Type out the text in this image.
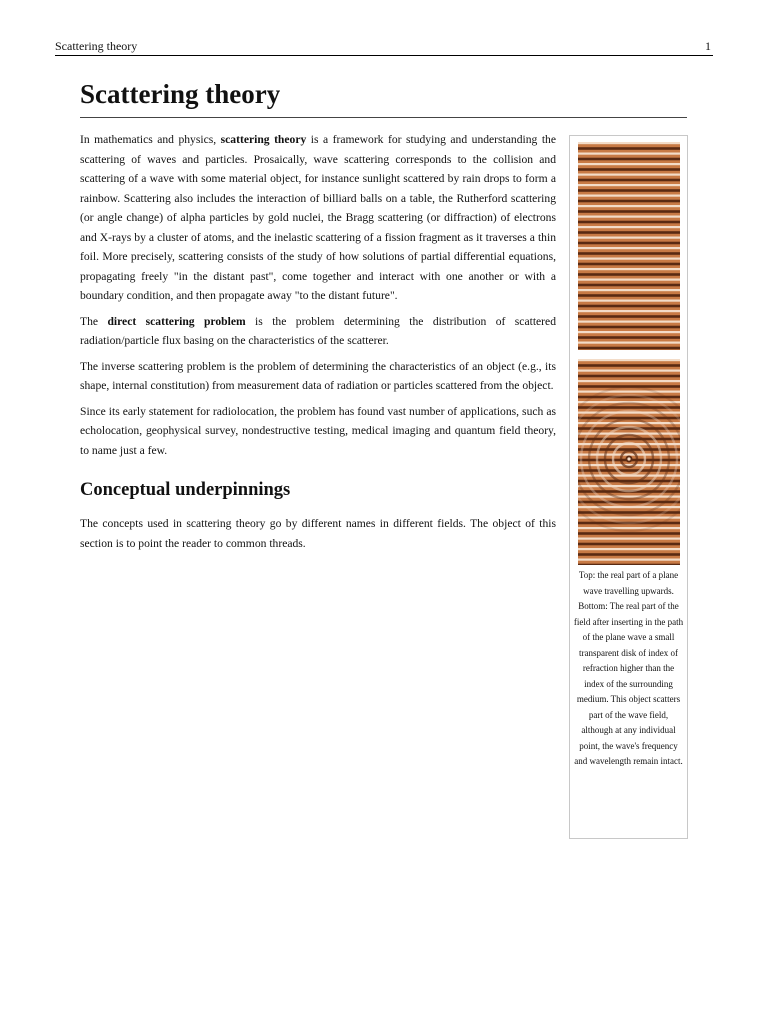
Scattering theory	1
Scattering theory

In mathematics and physics, scattering theory is a framework for studying and understanding the scattering of waves and particles. Prosaically, wave scattering corresponds to the collision and scattering of a wave with some material object, for instance sunlight scattered by rain drops to form a rainbow. Scattering also includes the interaction of billiard balls on a table, the Rutherford scattering (or angle change) of alpha particles by gold nuclei, the Bragg scattering (or diffraction) of electrons and X-rays by a cluster of atoms, and the inelastic scattering of a fission fragment as it traverses a thin foil. More precisely, scattering consists of the study of how solutions of partial differential equations, propagating freely "in the distant past", come together and interact with one another or with a boundary condition, and then propagate away "to the distant future".

The direct scattering problem is the problem determining the distribution of scattered radiation/particle flux basing on the characteristics of the scatterer.

The inverse scattering problem is the problem of determining the characteristics of an object (e.g., its shape, internal constitution) from measurement data of radiation or particles scattered from the object.

Since its early statement for radiolocation, the problem has found vast number of applications, such as echolocation, geophysical survey, nondestructive testing, medical imaging and quantum field theory, to name just a few.

Conceptual underpinnings

The concepts used in scattering theory go by different names in different fields. The object of this section is to point the reader to common threads.

Top: the real part of a plane wave travelling upwards. Bottom: The real part of the field after inserting in the path of the plane wave a small transparent disk of index of refraction higher than the index of the surrounding medium. This object scatters part of the wave field, although at any individual point, the wave's frequency and wavelength remain intact.
